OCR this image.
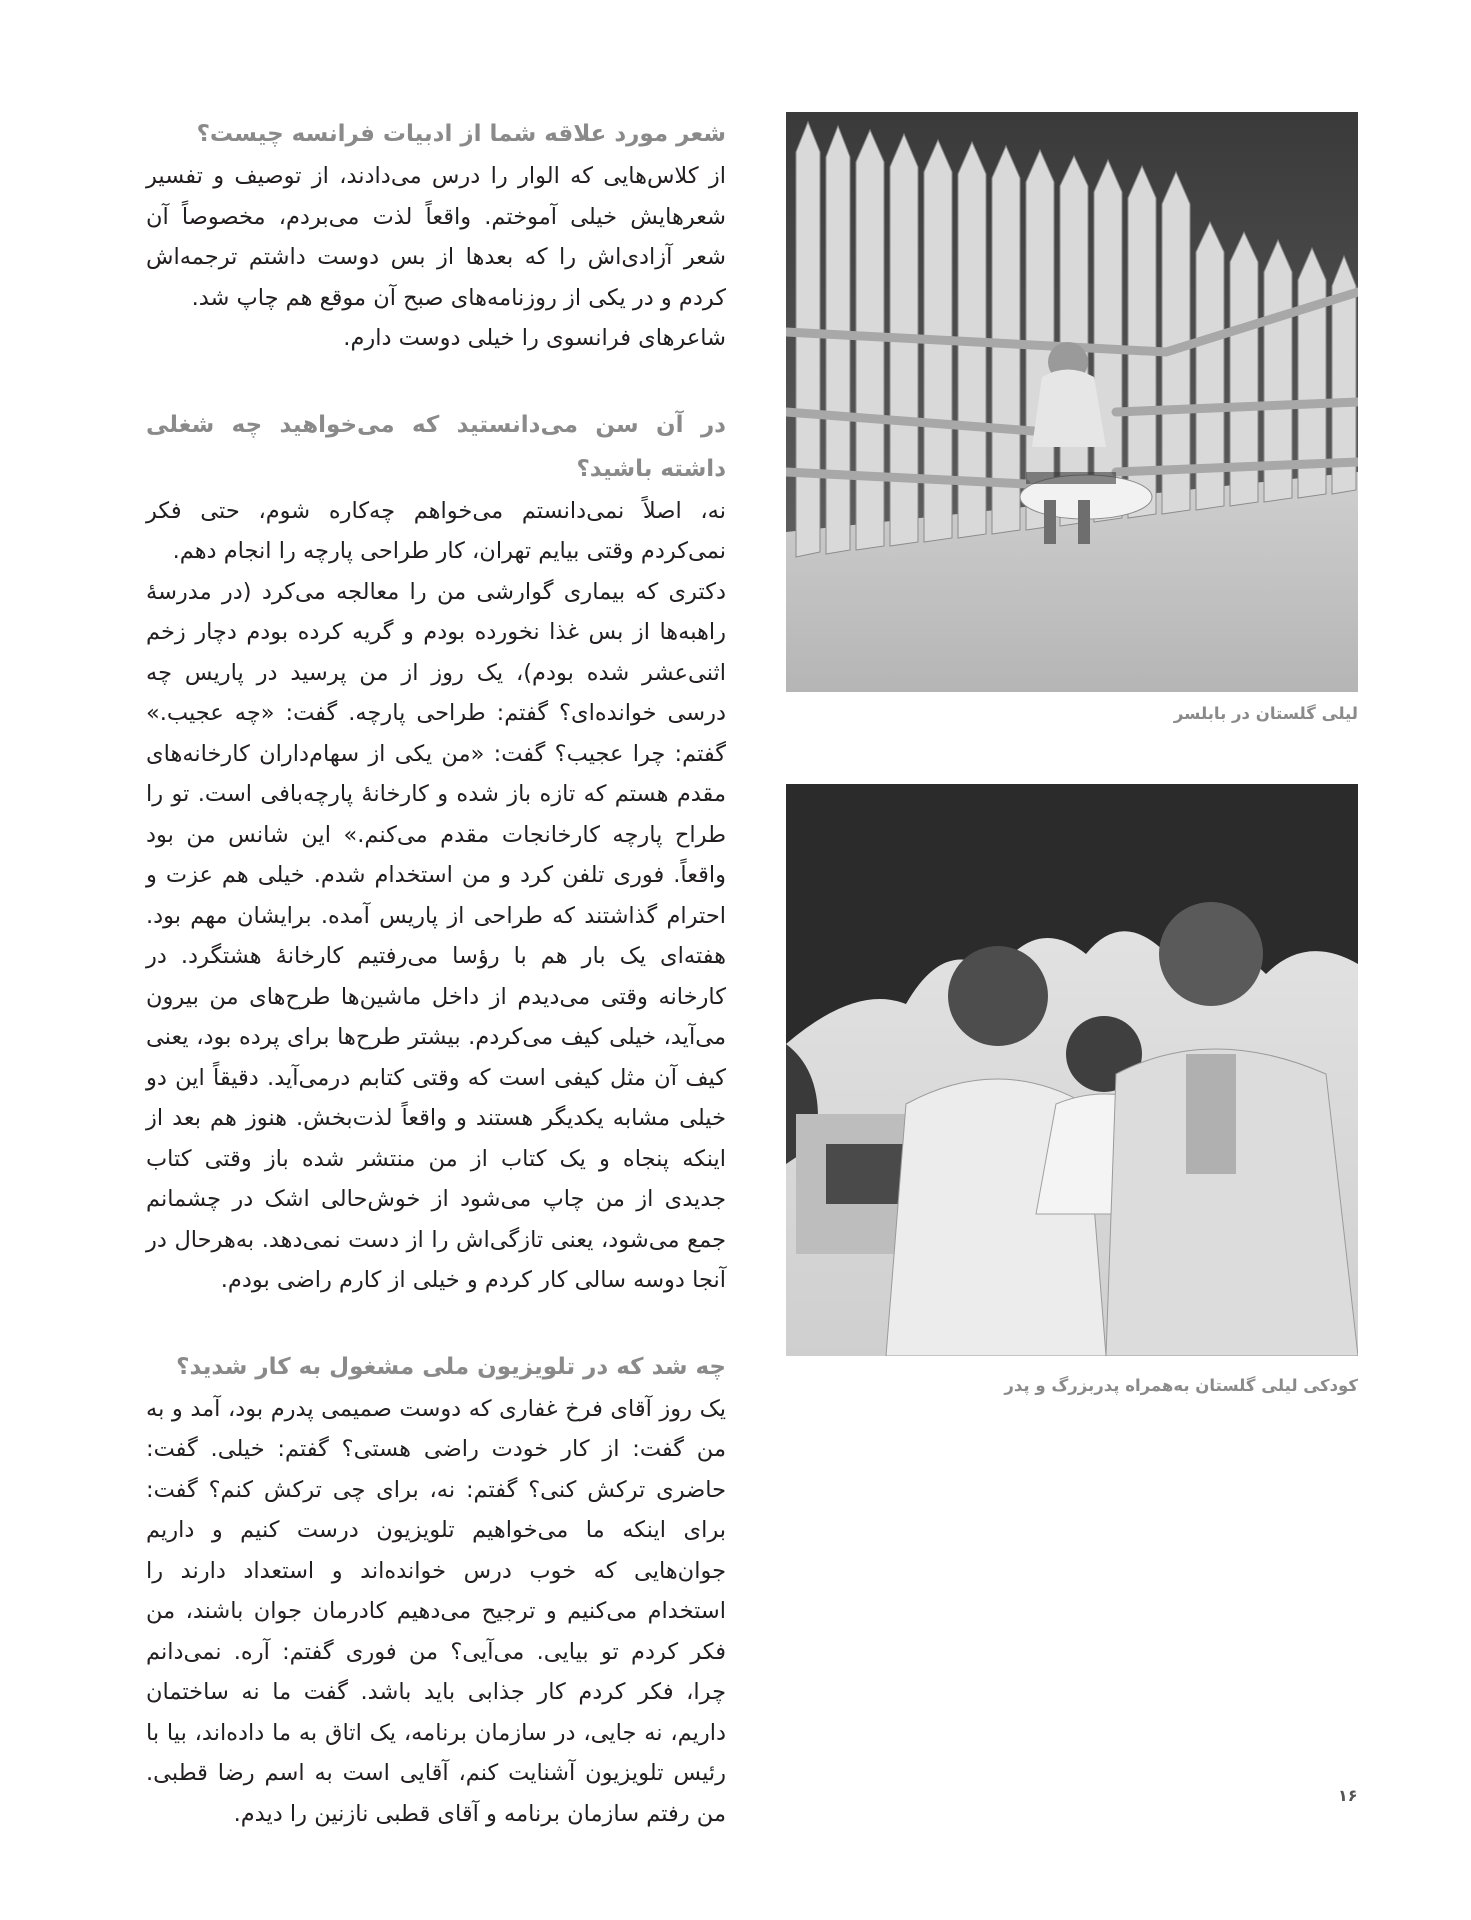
شعر مورد علاقه شما از ادبیات فرانسه چیست؟

از کلاس‌هایی که الوار را درس می‌دادند، از توصیف و تفسیر شعرهایش خیلی آموختم. واقعاً لذت می‌بردم، مخصوصاً آن شعر آزادی‌اش را که بعدها از بس دوست داشتم ترجمه‌اش کردم و در یکی از روزنامه‌های صبح آن موقع هم چاپ شد.

شاعرهای فرانسوی را خیلی دوست دارم.

در آن سن می‌دانستید که می‌خواهید چه شغلی داشته باشید؟

نه، اصلاً نمی‌دانستم می‌خواهم چه‌کاره شوم، حتی فکر نمی‌کردم وقتی بیایم تهران، کار طراحی پارچه را انجام دهم.

دکتری که بیماری گوارشی من را معالجه می‌کرد (در مدرسهٔ راهبه‌ها از بس غذا نخورده بودم و گریه کرده بودم دچار زخم اثنی‌عشر شده بودم)، یک روز از من پرسید در پاریس چه درسی خوانده‌ای؟ گفتم: طراحی پارچه. گفت: «چه عجیب.» گفتم: چرا عجیب؟ گفت: «من یکی از سهام‌داران کارخانه‌های مقدم هستم که تازه باز شده و کارخانهٔ پارچه‌بافی است. تو را طراح پارچه کارخانجات مقدم می‌کنم.» این شانس من بود واقعاً. فوری تلفن کرد و من استخدام شدم. خیلی هم عزت و احترام گذاشتند که طراحی از پاریس آمده. برایشان مهم بود. هفته‌ای یک بار هم با رؤسا می‌رفتیم کارخانهٔ هشتگرد. در کارخانه وقتی می‌دیدم از داخل ماشین‌ها طرح‌های من بیرون می‌آید، خیلی کیف می‌کردم. بیشتر طرح‌ها برای پرده بود، یعنی کیف آن مثل کیفی است که وقتی کتابم درمی‌آید. دقیقاً این دو خیلی مشابه یکدیگر هستند و واقعاً لذت‌بخش. هنوز هم بعد از اینکه پنجاه و یک کتاب از من منتشر شده باز وقتی کتاب جدیدی از من چاپ می‌شود از خوش‌حالی اشک در چشمانم جمع می‌شود، یعنی تازگی‌اش را از دست نمی‌دهد. به‌هرحال در آنجا دوسه سالی کار کردم و خیلی از کارم راضی بودم.

چه شد که در تلویزیون ملی مشغول به کار شدید؟

یک روز آقای فرخ غفاری که دوست صمیمی پدرم بود، آمد و به من گفت: از کار خودت راضی هستی؟ گفتم: خیلی. گفت: حاضری ترکش کنی؟ گفتم: نه، برای چی ترکش کنم؟ گفت: برای اینکه ما می‌خواهیم تلویزیون درست کنیم و داریم جوان‌هایی که خوب درس خوانده‌اند و استعداد دارند را استخدام می‌کنیم و ترجیح می‌دهیم کادرمان جوان باشند، من فکر کردم تو بیایی. می‌آیی؟ من فوری گفتم: آره. نمی‌دانم چرا، فکر کردم کار جذابی باید باشد. گفت ما نه ساختمان داریم، نه جایی، در سازمان برنامه، یک اتاق به ما داده‌اند، بیا با رئیس تلویزیون آشنایت کنم، آقایی است به اسم رضا قطبی. من رفتم سازمان برنامه و آقای قطبی نازنین را دیدم.

لیلی گلستان در بابلسر
کودکی لیلی گلستان به‌همراه پدربزرگ و پدر
۱۶
